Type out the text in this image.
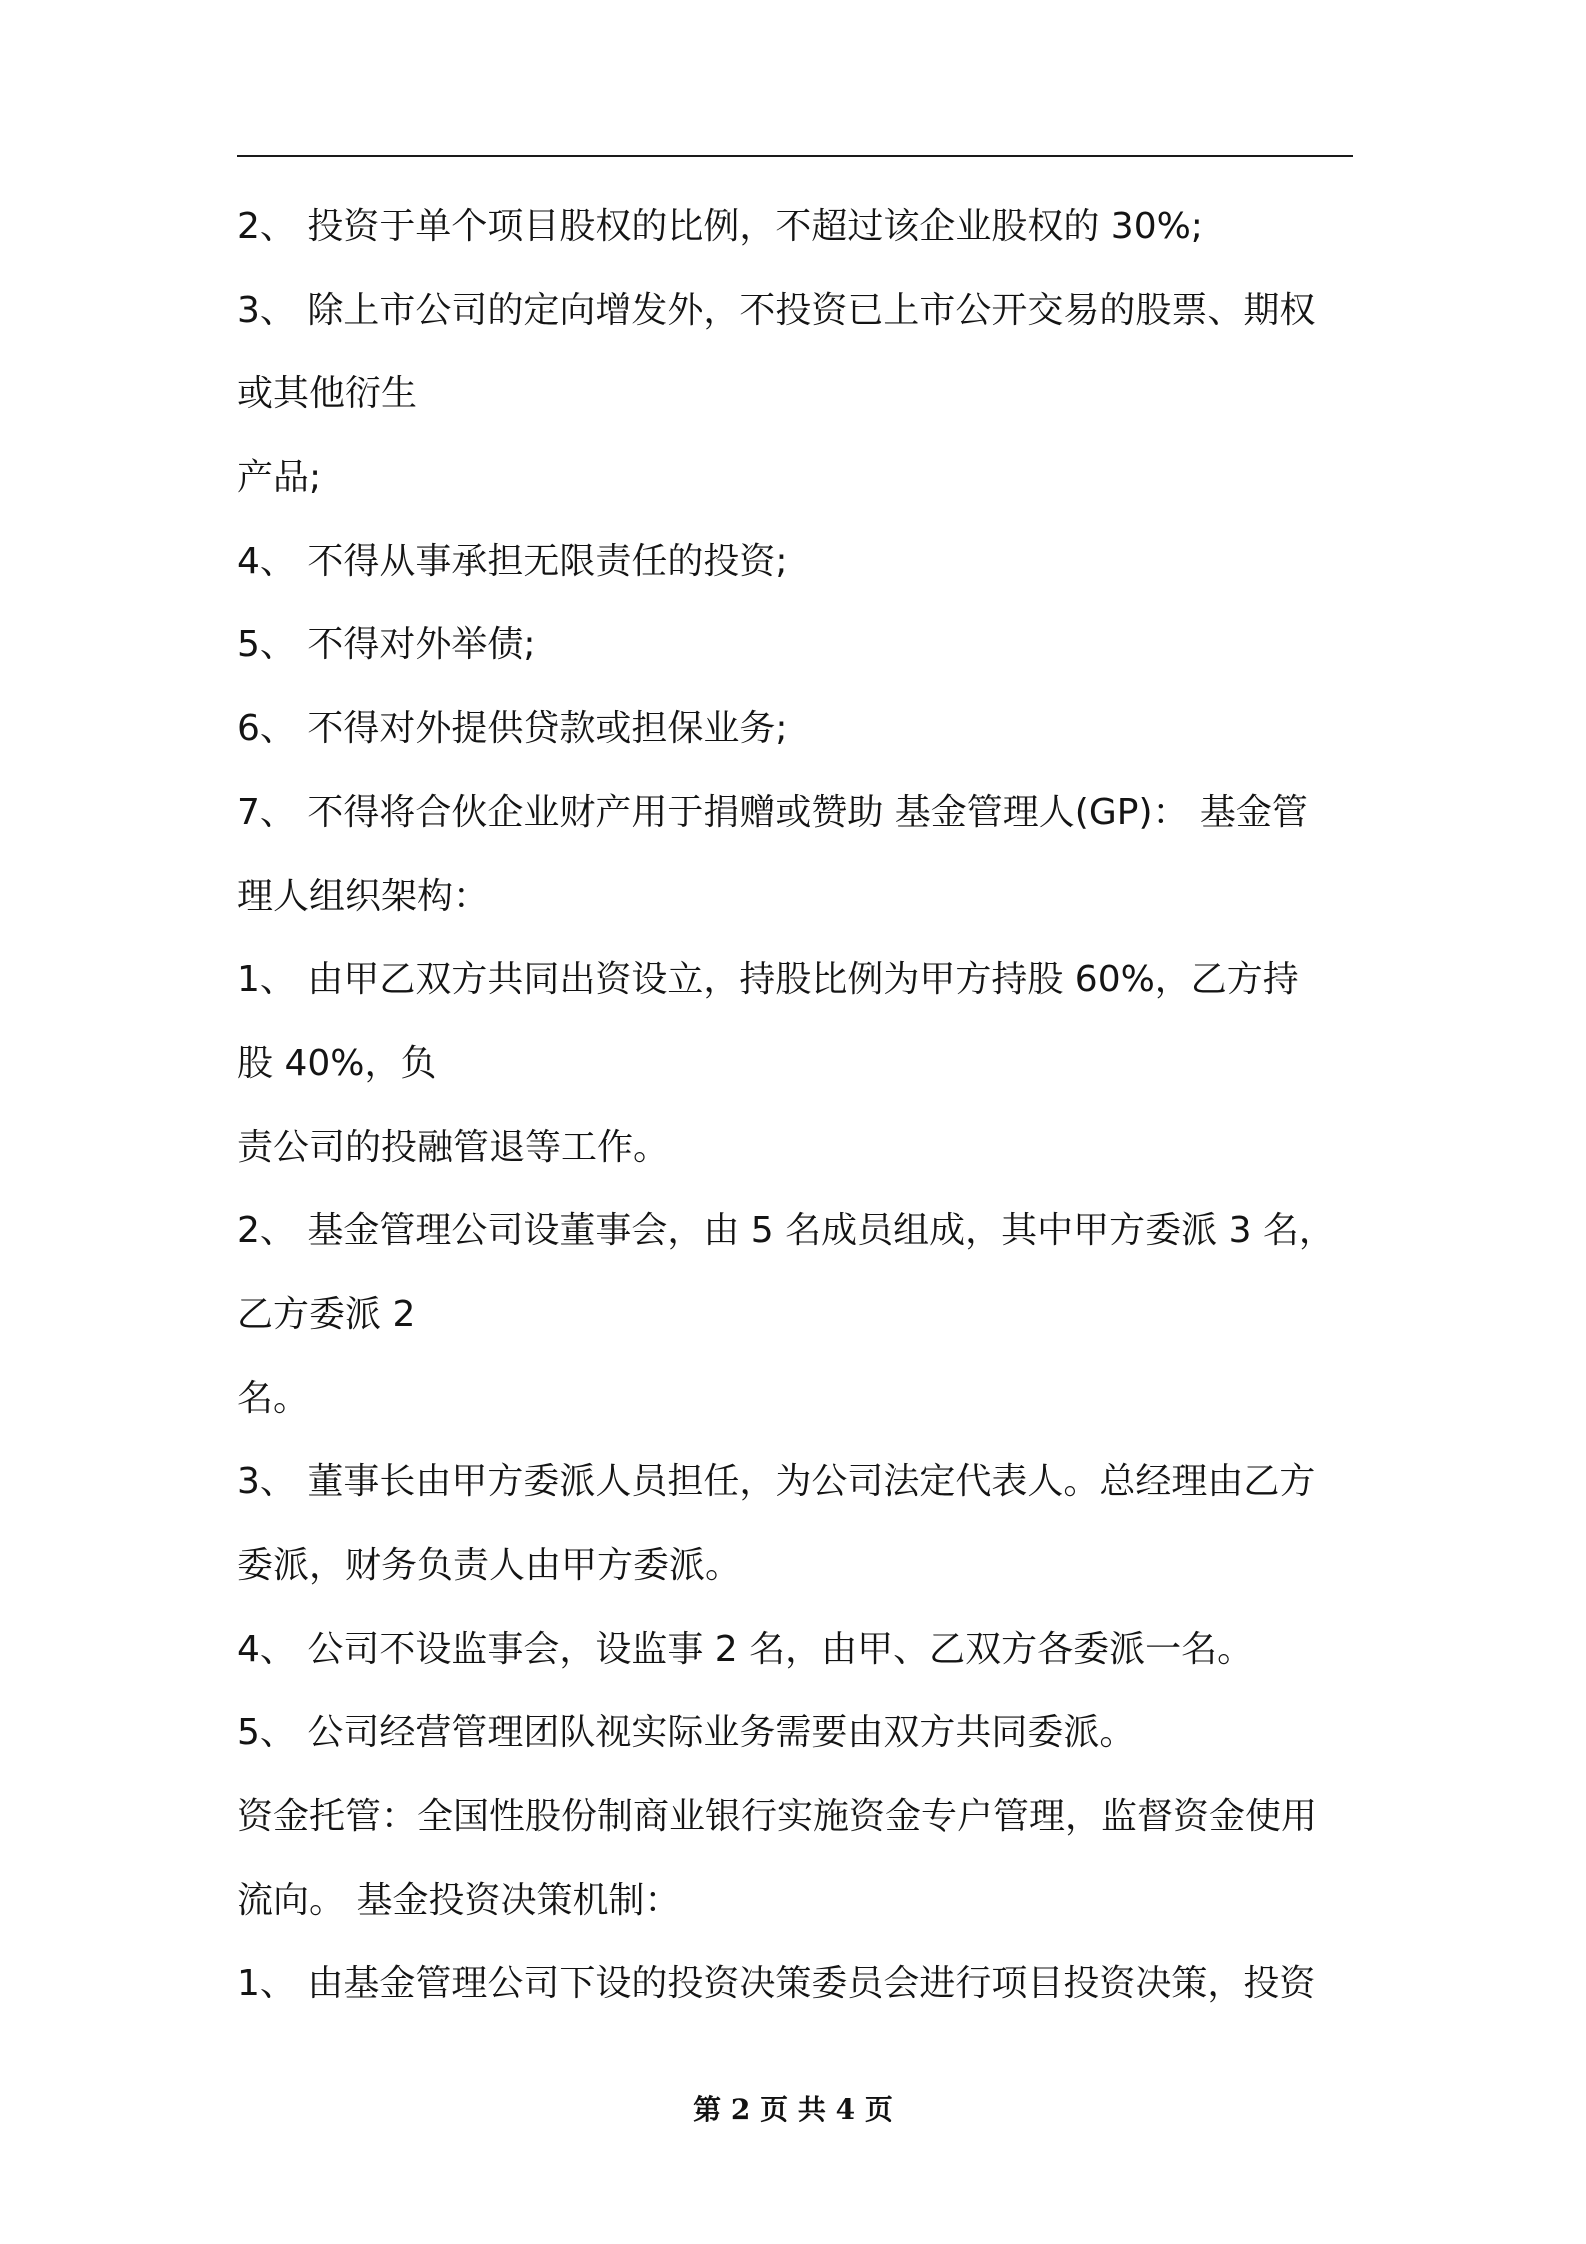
2、 投资于单个项目股权的比例，不超过该企业股权的 30%;

3、 除上市公司的定向增发外，不投资已上市公开交易的股票、期权

或其他衍生

产品;

4、 不得从事承担无限责任的投资;

5、 不得对外举债;

6、 不得对外提供贷款或担保业务;

7、 不得将合伙企业财产用于捐赠或赞助 基金管理人(GP)： 基金管

理人组织架构：

1、 由甲乙双方共同出资设立，持股比例为甲方持股 60%，乙方持

股 40%，负

责公司的投融管退等工作。

2、 基金管理公司设董事会，由 5 名成员组成，其中甲方委派 3 名，

乙方委派 2

名。

3、 董事长由甲方委派人员担任，为公司法定代表人。总经理由乙方

委派，财务负责人由甲方委派。

4、 公司不设监事会，设监事 2 名，由甲、乙双方各委派一名。

5、 公司经营管理团队视实际业务需要由双方共同委派。

资金托管：全国性股份制商业银行实施资金专户管理，监督资金使用

流向。 基金投资决策机制：

1、 由基金管理公司下设的投资决策委员会进行项目投资决策，投资

第 2 页 共 4 页
